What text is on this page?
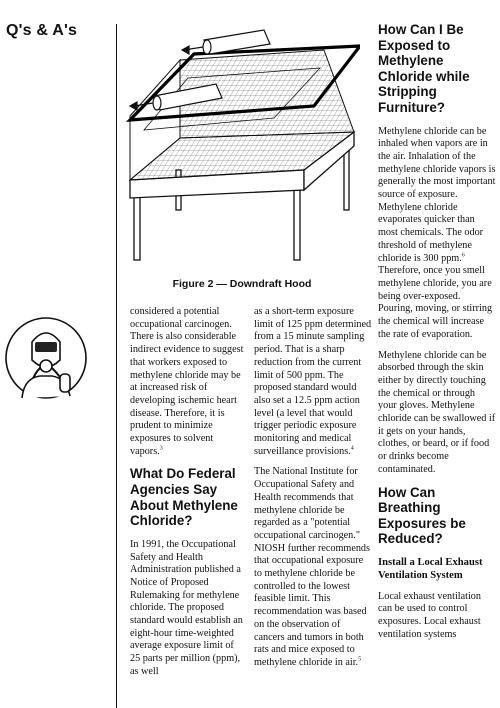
Q's & A's
Figure 2 — Downdraft Hood

considered a potential occupational carcinogen. There is also considerable indirect evidence to suggest that workers exposed to methylene chloride may be at increased risk of developing ischemic heart disease. Therefore, it is prudent to minimize exposures to solvent vapors.$^3$

What Do Federal Agencies Say About Methylene Chloride?

In 1991, the Occupational Safety and Health Administration published a Notice of Proposed Rulemaking for methylene chloride. The proposed standard would establish an eight-hour time-weighted average exposure limit of 25 parts per million (ppm), as well

as a short-term exposure limit of 125 ppm determined from a 15 minute sampling period. That is a sharp reduction from the current limit of 500 ppm. The proposed standard would also set a 12.5 ppm action level (a level that would trigger periodic exposure monitoring and medical surveillance provisions.$^4$

The National Institute for Occupational Safety and Health recommends that methylene chloride be regarded as a "potential occupational carcinogen." NIOSH further recommends that occupational exposure to methylene chloride be controlled to the lowest feasible limit. This recommendation was based on the observation of cancers and tumors in both rats and mice exposed to methylene chloride in air.$^5$

How Can I Be Exposed to Methylene Chloride while Stripping Furniture?

Methylene chloride can be inhaled when vapors are in the air. Inhalation of the methylene chloride vapors is generally the most important source of exposure. Methylene chloride evaporates quicker than most chemicals. The odor threshold of methylene chloride is 300 ppm.$^6$ Therefore, once you smell methylene chloride, you are being over-exposed. Pouring, moving, or stirring the chemical will increase the rate of evaporation.

Methylene chloride can be absorbed through the skin either by directly touching the chemical or through your gloves. Methylene chloride can be swallowed if it gets on your hands, clothes, or beard, or if food or drinks become contaminated.

How Can Breathing Exposures be Reduced?
Install a Local Exhaust Ventilation System

Local exhaust ventilation can be used to control exposures. Local exhaust ventilation systems
